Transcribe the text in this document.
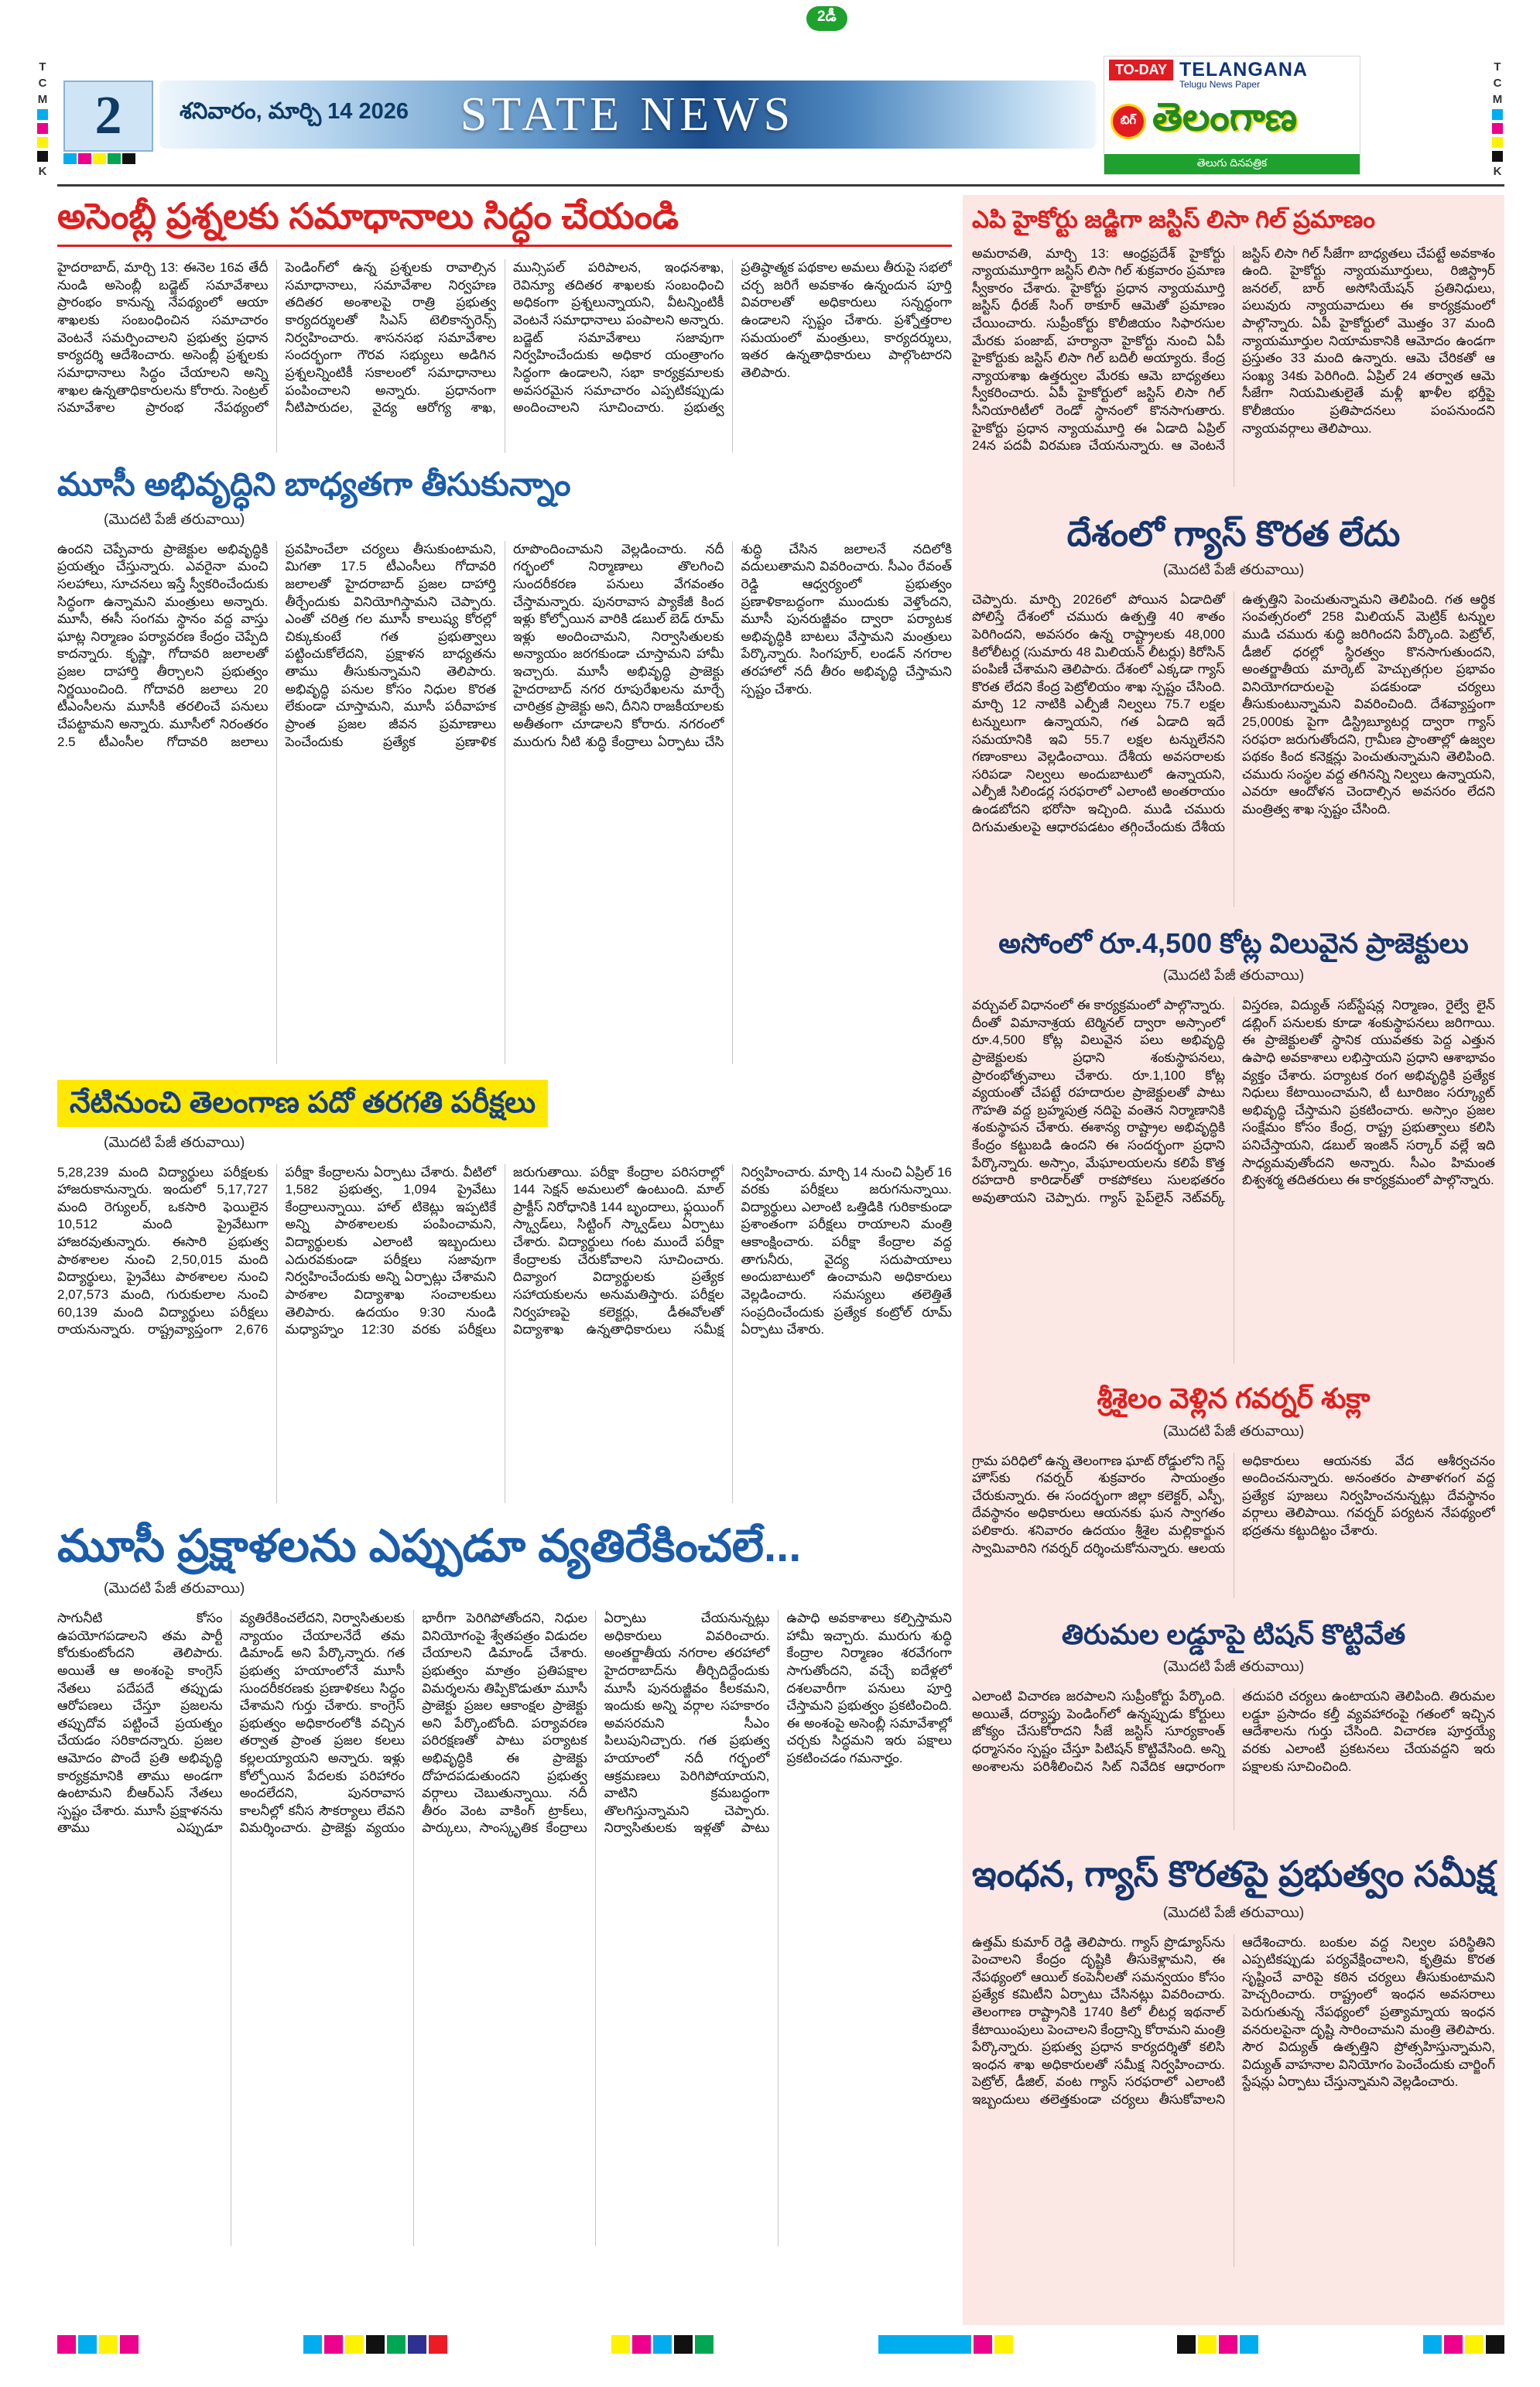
2డీ
T
C
M
K
T
C
M
K
2	శనివారం, మార్చి 14 2026	STATE NEWS
TO-DAY TELANGANA
Telugu News Paper
బిగ్ తెలంగాణ
తెలుగు దినపత్రిక
అసెంబ్లీ ప్రశ్నలకు సమాధానాలు సిద్ధం చేయండి
హైదరాబాద్, మార్చి 13: ఈనెల 16వ తేదీ నుండి అసెంబ్లీ బడ్జెట్ సమావేశాలు ప్రారంభం కానున్న నేపథ్యంలో ఆయా శాఖలకు సంబంధించిన సమాచారం వెంటనే సమర్పించాలని ప్రభుత్వ ప్రధాన కార్యదర్శి ఆదేశించారు. అసెంబ్లీ ప్రశ్నలకు సమాధానాలు సిద్ధం చేయాలని అన్ని శాఖల ఉన్నతాధికారులను కోరారు. సెంట్రల్ సమావేశాల ప్రారంభ నేపథ్యంలో పెండింగ్‌లో ఉన్న ప్రశ్నలకు రావాల్సిన సమాధానాలు, సమావేశాల నిర్వహణ తదితర అంశాలపై రాత్రి ప్రభుత్వ కార్యదర్శులతో సిఎస్ టెలికాన్ఫరెన్స్ నిర్వహించారు. శాసనసభ సమావేశాల సందర్భంగా గౌరవ సభ్యులు అడిగిన ప్రశ్నలన్నింటికీ సకాలంలో సమాధానాలు పంపించాలని అన్నారు. ప్రధానంగా నీటిపారుదల, వైద్య ఆరోగ్య శాఖ, మున్సిపల్ పరిపాలన, ఇంధనశాఖ, రెవిన్యూ తదితర శాఖలకు సంబంధించి అధికంగా ప్రశ్నలున్నాయని, వీటన్నింటికీ వెంటనే సమాధానాలు పంపాలని అన్నారు. బడ్జెట్ సమావేశాలు సజావుగా నిర్వహించేందుకు అధికార యంత్రాంగం సిద్ధంగా ఉండాలని, సభా కార్యక్రమాలకు అవసరమైన సమాచారం ఎప్పటికప్పుడు అందించాలని సూచించారు. ప్రభుత్వ ప్రతిష్ఠాత్మక పథకాల అమలు తీరుపై సభలో చర్చ జరిగే అవకాశం ఉన్నందున పూర్తి వివరాలతో అధికారులు సన్నద్ధంగా ఉండాలని స్పష్టం చేశారు. ప్రశ్నోత్తరాల సమయంలో మంత్రులు, కార్యదర్శులు, ఇతర ఉన్నతాధికారులు పాల్గొంటారని తెలిపారు.
మూసీ అభివృద్ధిని బాధ్యతగా తీసుకున్నాం
(మొదటి పేజీ తరువాయి)
ఉందని చెప్పేవారు ప్రాజెక్టుల అభివృద్ధికి ప్రయత్నం చేస్తున్నారు. ఎవరైనా మంచి సలహాలు, సూచనలు ఇస్తే స్వీకరించేందుకు సిద్ధంగా ఉన్నామని మంత్రులు అన్నారు. మూసీ, ఈసీ సంగమ స్థానం వద్ద వాస్తు ఘాట్ల నిర్మాణం పర్యావరణ కేంద్రం చెప్పేది కాదన్నారు. కృష్ణా, గోదావరి జలాలతో ప్రజల దాహార్తి తీర్చాలని ప్రభుత్వం నిర్ణయించింది. గోదావరి జలాలు 20 టీఎంసీలను మూసీకి తరలించే పనులు చేపట్టామని అన్నారు. మూసీలో నిరంతరం 2.5 టీఎంసీల గోదావరి జలాలు ప్రవహించేలా చర్యలు తీసుకుంటామని, మిగతా 17.5 టీఎంసీలు గోదావరి జలాలతో హైదరాబాద్ ప్రజల దాహార్తి తీర్చేందుకు వినియోగిస్తామని చెప్పారు. ఎంతో చరిత్ర గల మూసీ కాలుష్య కోరల్లో చిక్కుకుంటే గత ప్రభుత్వాలు పట్టించుకోలేదని, ప్రక్షాళన బాధ్యతను తాము తీసుకున్నామని తెలిపారు. అభివృద్ధి పనుల కోసం నిధుల కొరత లేకుండా చూస్తామని, మూసీ పరీవాహక ప్రాంత ప్రజల జీవన ప్రమాణాలు పెంచేందుకు ప్రత్యేక ప్రణాళిక రూపొందించామని వెల్లడించారు. నదీ గర్భంలో నిర్మాణాలు తొలగించి సుందరీకరణ పనులు వేగవంతం చేస్తామన్నారు. పునరావాస ప్యాకేజీ కింద ఇళ్లు కోల్పోయిన వారికి డబుల్ బెడ్ రూమ్ ఇళ్లు అందించామని, నిర్వాసితులకు అన్యాయం జరగకుండా చూస్తామని హామీ ఇచ్చారు. మూసీ అభివృద్ధి ప్రాజెక్టు హైదరాబాద్ నగర రూపురేఖలను మార్చే చారిత్రక ప్రాజెక్టు అని, దీనిని రాజకీయాలకు అతీతంగా చూడాలని కోరారు. నగరంలో మురుగు నీటి శుద్ధి కేంద్రాలు ఏర్పాటు చేసి శుద్ధి చేసిన జలాలనే నదిలోకి వదులుతామని వివరించారు. సీఎం రేవంత్ రెడ్డి ఆధ్వర్యంలో ప్రభుత్వం ప్రణాళికాబద్ధంగా ముందుకు వెళ్తోందని, మూసీ పునరుజ్జీవం ద్వారా పర్యాటక అభివృద్ధికి బాటలు వేస్తామని మంత్రులు పేర్కొన్నారు. సింగపూర్, లండన్ నగరాల తరహాలో నదీ తీరం అభివృద్ధి చేస్తామని స్పష్టం చేశారు.
నేటినుంచి తెలంగాణ పదో తరగతి పరీక్షలు
(మొదటి పేజీ తరువాయి)
5,28,239 మంది విద్యార్థులు పరీక్షలకు హాజరుకానున్నారు. ఇందులో 5,17,727 మంది రెగ్యులర్, ఒకసారి ఫెయిలైన 10,512 మంది ప్రైవేటుగా హాజరవుతున్నారు. ఈసారి ప్రభుత్వ పాఠశాలల నుంచి 2,50,015 మంది విద్యార్థులు, ప్రైవేటు పాఠశాలల నుంచి 2,07,573 మంది, గురుకులాల నుంచి 60,139 మంది విద్యార్థులు పరీక్షలు రాయనున్నారు. రాష్ట్రవ్యాప్తంగా 2,676 పరీక్షా కేంద్రాలను ఏర్పాటు చేశారు. వీటిలో 1,582 ప్రభుత్వ, 1,094 ప్రైవేటు కేంద్రాలున్నాయి. హాల్ టికెట్లు ఇప్పటికే అన్ని పాఠశాలలకు పంపించామని, విద్యార్థులకు ఎలాంటి ఇబ్బందులు ఎదురవకుండా పరీక్షలు సజావుగా నిర్వహించేందుకు అన్ని ఏర్పాట్లు చేశామని పాఠశాల విద్యాశాఖ సంచాలకులు తెలిపారు. ఉదయం 9:30 నుండి మధ్యాహ్నం 12:30 వరకు పరీక్షలు జరుగుతాయి. పరీక్షా కేంద్రాల పరిసరాల్లో 144 సెక్షన్ అమలులో ఉంటుంది. మాల్ ప్రాక్టీస్ నిరోధానికి 144 బృందాలు, ఫ్లయింగ్ స్క్వాడ్‌లు, సిట్టింగ్ స్క్వాడ్‌లు ఏర్పాటు చేశారు. విద్యార్థులు గంట ముందే పరీక్షా కేంద్రాలకు చేరుకోవాలని సూచించారు. దివ్యాంగ విద్యార్థులకు ప్రత్యేక సహాయకులను అనుమతిస్తారు. పరీక్షల నిర్వహణపై కలెక్టర్లు, డీఈవోలతో విద్యాశాఖ ఉన్నతాధికారులు సమీక్ష నిర్వహించారు. మార్చి 14 నుంచి ఏప్రిల్ 16 వరకు పరీక్షలు జరుగనున్నాయి. విద్యార్థులు ఎలాంటి ఒత్తిడికి గురికాకుండా ప్రశాంతంగా పరీక్షలు రాయాలని మంత్రి ఆకాంక్షించారు. పరీక్షా కేంద్రాల వద్ద తాగునీరు, వైద్య సదుపాయాలు అందుబాటులో ఉంచామని అధికారులు వెల్లడించారు. సమస్యలు తలెత్తితే సంప్రదించేందుకు ప్రత్యేక కంట్రోల్ రూమ్ ఏర్పాటు చేశారు.
మూసీ ప్రక్షాళలను ఎప్పుడూ వ్యతిరేకించలే...
(మొదటి పేజీ తరువాయి)
సాగునీటి కోసం ఉపయోగపడాలని తమ పార్టీ కోరుకుంటోందని తెలిపారు. అయితే ఆ అంశంపై కాంగ్రెస్ నేతలు పదేపదే తప్పుడు ఆరోపణలు చేస్తూ ప్రజలను తప్పుదోవ పట్టించే ప్రయత్నం చేయడం సరికాదన్నారు. ప్రజల ఆమోదం పొందే ప్రతి అభివృద్ధి కార్యక్రమానికి తాము అండగా ఉంటామని బీఆర్ఎస్ నేతలు స్పష్టం చేశారు. మూసీ ప్రక్షాళనను తాము ఎప్పుడూ వ్యతిరేకించలేదని, నిర్వాసితులకు న్యాయం చేయాలనేదే తమ డిమాండ్ అని పేర్కొన్నారు. గత ప్రభుత్వ హయాంలోనే మూసీ సుందరీకరణకు ప్రణాళికలు సిద్ధం చేశామని గుర్తు చేశారు. కాంగ్రెస్ ప్రభుత్వం అధికారంలోకి వచ్చిన తర్వాత ప్రాంత ప్రజల కలలు కల్లలయ్యాయని అన్నారు. ఇళ్లు కోల్పోయిన పేదలకు పరిహారం అందలేదని, పునరావాస కాలనీల్లో కనీస సౌకర్యాలు లేవని విమర్శించారు. ప్రాజెక్టు వ్యయం భారీగా పెరిగిపోతోందని, నిధుల వినియోగంపై శ్వేతపత్రం విడుదల చేయాలని డిమాండ్ చేశారు. ప్రభుత్వం మాత్రం ప్రతిపక్షాల విమర్శలను తిప్పికొడుతూ మూసీ ప్రాజెక్టు ప్రజల ఆకాంక్షల ప్రాజెక్టు అని పేర్కొంటోంది. పర్యావరణ పరిరక్షణతో పాటు పర్యాటక అభివృద్ధికి ఈ ప్రాజెక్టు దోహదపడుతుందని ప్రభుత్వ వర్గాలు చెబుతున్నాయి. నదీ తీరం వెంట వాకింగ్ ట్రాక్‌లు, పార్కులు, సాంస్కృతిక కేంద్రాలు ఏర్పాటు చేయనున్నట్లు అధికారులు వివరించారు. అంతర్జాతీయ నగరాల తరహాలో హైదరాబాద్‌ను తీర్చిదిద్దేందుకు మూసీ పునరుజ్జీవం కీలకమని, ఇందుకు అన్ని వర్గాల సహకారం అవసరమని సీఎం పిలుపునిచ్చారు. గత ప్రభుత్వ హయాంలో నదీ గర్భంలో ఆక్రమణలు పెరిగిపోయాయని, వాటిని క్రమబద్ధంగా తొలగిస్తున్నామని చెప్పారు. నిర్వాసితులకు ఇళ్లతో పాటు ఉపాధి అవకాశాలు కల్పిస్తామని హామీ ఇచ్చారు. మురుగు శుద్ధి కేంద్రాల నిర్మాణం శరవేగంగా సాగుతోందని, వచ్చే ఐదేళ్లలో దశలవారీగా పనులు పూర్తి చేస్తామని ప్రభుత్వం ప్రకటించింది. ఈ అంశంపై అసెంబ్లీ సమావేశాల్లో చర్చకు సిద్ధమని ఇరు పక్షాలు ప్రకటించడం గమనార్హం.
ఎపి హైకోర్టు జడ్జిగా జస్టిస్ లిసా గిల్ ప్రమాణం
అమరావతి, మార్చి 13: ఆంధ్రప్రదేశ్ హైకోర్టు న్యాయమూర్తిగా జస్టిస్ లిసా గిల్ శుక్రవారం ప్రమాణ స్వీకారం చేశారు. హైకోర్టు ప్రధాన న్యాయమూర్తి జస్టిస్ ధీరజ్ సింగ్ ఠాకూర్ ఆమెతో ప్రమాణం చేయించారు. సుప్రీంకోర్టు కొలీజియం సిఫారసుల మేరకు పంజాబ్, హర్యానా హైకోర్టు నుంచి ఏపీ హైకోర్టుకు జస్టిస్ లిసా గిల్ బదిలీ అయ్యారు. కేంద్ర న్యాయశాఖ ఉత్తర్వుల మేరకు ఆమె బాధ్యతలు స్వీకరించారు. ఏపీ హైకోర్టులో జస్టిస్ లిసా గిల్ సీనియారిటీలో రెండో స్థానంలో కొనసాగుతారు. హైకోర్టు ప్రధాన న్యాయమూర్తి ఈ ఏడాది ఏప్రిల్ 24న పదవీ విరమణ చేయనున్నారు. ఆ వెంటనే జస్టిస్ లిసా గిల్ సీజేగా బాధ్యతలు చేపట్టే అవకాశం ఉంది. హైకోర్టు న్యాయమూర్తులు, రిజిస్ట్రార్ జనరల్, బార్ అసోసియేషన్ ప్రతినిధులు, పలువురు న్యాయవాదులు ఈ కార్యక్రమంలో పాల్గొన్నారు. ఏపీ హైకోర్టులో మొత్తం 37 మంది న్యాయమూర్తుల నియామకానికి ఆమోదం ఉండగా ప్రస్తుతం 33 మంది ఉన్నారు. ఆమె చేరికతో ఆ సంఖ్య 34కు పెరిగింది. ఏప్రిల్ 24 తర్వాత ఆమె సీజేగా నియమితులైతే మళ్లీ ఖాళీల భర్తీపై కొలీజియం ప్రతిపాదనలు పంపనుందని న్యాయవర్గాలు తెలిపాయి.
దేశంలో గ్యాస్ కొరత లేదు
(మొదటి పేజీ తరువాయి)
చెప్పారు. మార్చి 2026లో పోయిన ఏడాదితో పోలిస్తే దేశంలో చమురు ఉత్పత్తి 40 శాతం పెరిగిందని, అవసరం ఉన్న రాష్ట్రాలకు 48,000 కిలోలీటర్ల (సుమారు 48 మిలియన్ లీటర్లు) కిరోసిన్ పంపిణీ చేశామని తెలిపారు. దేశంలో ఎక్కడా గ్యాస్ కొరత లేదని కేంద్ర పెట్రోలియం శాఖ స్పష్టం చేసింది. మార్చి 12 నాటికి ఎల్పీజీ నిల్వలు 75.7 లక్షల టన్నులుగా ఉన్నాయని, గత ఏడాది ఇదే సమయానికి ఇవి 55.7 లక్షల టన్నులేనని గణాంకాలు వెల్లడించాయి. దేశీయ అవసరాలకు సరిపడా నిల్వలు అందుబాటులో ఉన్నాయని, ఎల్పీజీ సిలిండర్ల సరఫరాలో ఎలాంటి అంతరాయం ఉండబోదని భరోసా ఇచ్చింది. ముడి చమురు దిగుమతులపై ఆధారపడటం తగ్గించేందుకు దేశీయ ఉత్పత్తిని పెంచుతున్నామని తెలిపింది. గత ఆర్థిక సంవత్సరంలో 258 మిలియన్ మెట్రిక్ టన్నుల ముడి చమురు శుద్ధి జరిగిందని పేర్కొంది. పెట్రోల్, డీజిల్ ధరల్లో స్థిరత్వం కొనసాగుతుందని, అంతర్జాతీయ మార్కెట్ హెచ్చుతగ్గుల ప్రభావం వినియోగదారులపై పడకుండా చర్యలు తీసుకుంటున్నామని వివరించింది. దేశవ్యాప్తంగా 25,000కు పైగా డిస్ట్రిబ్యూటర్ల ద్వారా గ్యాస్ సరఫరా జరుగుతోందని, గ్రామీణ ప్రాంతాల్లో ఉజ్వల పథకం కింద కనెక్షన్లు పెంచుతున్నామని తెలిపింది. చమురు సంస్థల వద్ద తగినన్ని నిల్వలు ఉన్నాయని, ఎవరూ ఆందోళన చెందాల్సిన అవసరం లేదని మంత్రిత్వ శాఖ స్పష్టం చేసింది.
అసోంలో రూ.4,500 కోట్ల విలువైన ప్రాజెక్టులు
(మొదటి పేజీ తరువాయి)
వర్చువల్ విధానంలో ఈ కార్యక్రమంలో పాల్గొన్నారు. దీంతో విమానాశ్రయ టెర్మినల్ ద్వారా అస్సాంలో రూ.4,500 కోట్ల విలువైన పలు అభివృద్ధి ప్రాజెక్టులకు ప్రధాని శంకుస్థాపనలు, ప్రారంభోత్సవాలు చేశారు. రూ.1,100 కోట్ల వ్యయంతో చేపట్టే రహదారుల ప్రాజెక్టులతో పాటు గౌహతి వద్ద బ్రహ్మపుత్ర నదిపై వంతెన నిర్మాణానికి శంకుస్థాపన చేశారు. ఈశాన్య రాష్ట్రాల అభివృద్ధికి కేంద్రం కట్టుబడి ఉందని ఈ సందర్భంగా ప్రధాని పేర్కొన్నారు. అస్సాం, మేఘాలయలను కలిపే కొత్త రహదారి కారిడార్‌తో రాకపోకలు సులభతరం అవుతాయని చెప్పారు. గ్యాస్ పైప్‌లైన్ నెట్‌వర్క్ విస్తరణ, విద్యుత్ సబ్‌స్టేషన్ల నిర్మాణం, రైల్వే లైన్ డబ్లింగ్ పనులకు కూడా శంకుస్థాపనలు జరిగాయి. ఈ ప్రాజెక్టులతో స్థానిక యువతకు పెద్ద ఎత్తున ఉపాధి అవకాశాలు లభిస్తాయని ప్రధాని ఆశాభావం వ్యక్తం చేశారు. పర్యాటక రంగ అభివృద్ధికి ప్రత్యేక నిధులు కేటాయించామని, టీ టూరిజం సర్క్యూట్ అభివృద్ధి చేస్తామని ప్రకటించారు. అస్సాం ప్రజల సంక్షేమం కోసం కేంద్ర, రాష్ట్ర ప్రభుత్వాలు కలిసి పనిచేస్తాయని, డబుల్ ఇంజిన్ సర్కార్ వల్లే ఇది సాధ్యమవుతోందని అన్నారు. సీఎం హిమంత బిశ్వశర్మ తదితరులు ఈ కార్యక్రమంలో పాల్గొన్నారు.
శ్రీశైలం వెళ్లిన గవర్నర్ శుక్లా
(మొదటి పేజీ తరువాయి)
గ్రామ పరిధిలో ఉన్న తెలంగాణ ఘాట్ రోడ్డులోని గెస్ట్ హౌస్‌కు గవర్నర్ శుక్రవారం సాయంత్రం చేరుకున్నారు. ఈ సందర్భంగా జిల్లా కలెక్టర్, ఎస్పీ, దేవస్థానం అధికారులు ఆయనకు ఘన స్వాగతం పలికారు. శనివారం ఉదయం శ్రీశైల మల్లికార్జున స్వామివారిని గవర్నర్ దర్శించుకోనున్నారు. ఆలయ అధికారులు ఆయనకు వేద ఆశీర్వచనం అందించనున్నారు. అనంతరం పాతాళగంగ వద్ద ప్రత్యేక పూజలు నిర్వహించనున్నట్లు దేవస్థానం వర్గాలు తెలిపాయి. గవర్నర్ పర్యటన నేపథ్యంలో భద్రతను కట్టుదిట్టం చేశారు.
తిరుమల లడ్డూపై టిషన్ కొట్టివేత
(మొదటి పేజీ తరువాయి)
ఎలాంటి విచారణ జరపాలని సుప్రీంకోర్టు పేర్కొంది. అయితే, దర్యాప్తు పెండింగ్‌లో ఉన్నప్పుడు కోర్టులు జోక్యం చేసుకోరాదని సీజే జస్టిస్ సూర్యకాంత్ ధర్మాసనం స్పష్టం చేస్తూ పిటిషన్ కొట్టివేసింది. అన్ని అంశాలను పరిశీలించిన సిట్ నివేదిక ఆధారంగా తదుపరి చర్యలు ఉంటాయని తెలిపింది. తిరుమల లడ్డూ ప్రసాదం కల్తీ వ్యవహారంపై గతంలో ఇచ్చిన ఆదేశాలను గుర్తు చేసింది. విచారణ పూర్తయ్యే వరకు ఎలాంటి ప్రకటనలు చేయవద్దని ఇరు పక్షాలకు సూచించింది.
ఇంధన, గ్యాస్ కొరతపై ప్రభుత్వం సమీక్ష
(మొదటి పేజీ తరువాయి)
ఉత్తమ్ కుమార్ రెడ్డి తెలిపారు. గ్యాస్ ప్రొడ్యూస్‌ను పెంచాలని కేంద్రం దృష్టికి తీసుకెళ్లామని, ఈ నేపథ్యంలో ఆయిల్ కంపెనీలతో సమన్వయం కోసం ప్రత్యేక కమిటీని ఏర్పాటు చేసినట్లు వివరించారు. తెలంగాణ రాష్ట్రానికి 1740 కిలో లీటర్ల ఇథనాల్ కేటాయింపులు పెంచాలని కేంద్రాన్ని కోరామని మంత్రి పేర్కొన్నారు. ప్రభుత్వ ప్రధాన కార్యదర్శితో కలిసి ఇంధన శాఖ అధికారులతో సమీక్ష నిర్వహించారు. పెట్రోల్, డీజిల్, వంట గ్యాస్ సరఫరాలో ఎలాంటి ఇబ్బందులు తలెత్తకుండా చర్యలు తీసుకోవాలని ఆదేశించారు. బంకుల వద్ద నిల్వల పరిస్థితిని ఎప్పటికప్పుడు పర్యవేక్షించాలని, కృత్రిమ కొరత సృష్టించే వారిపై కఠిన చర్యలు తీసుకుంటామని హెచ్చరించారు. రాష్ట్రంలో ఇంధన అవసరాలు పెరుగుతున్న నేపథ్యంలో ప్రత్యామ్నాయ ఇంధన వనరులపైనా దృష్టి సారించామని మంత్రి తెలిపారు. సౌర విద్యుత్ ఉత్పత్తిని ప్రోత్సహిస్తున్నామని, విద్యుత్ వాహనాల వినియోగం పెంచేందుకు చార్జింగ్ స్టేషన్లు ఏర్పాటు చేస్తున్నామని వెల్లడించారు.
